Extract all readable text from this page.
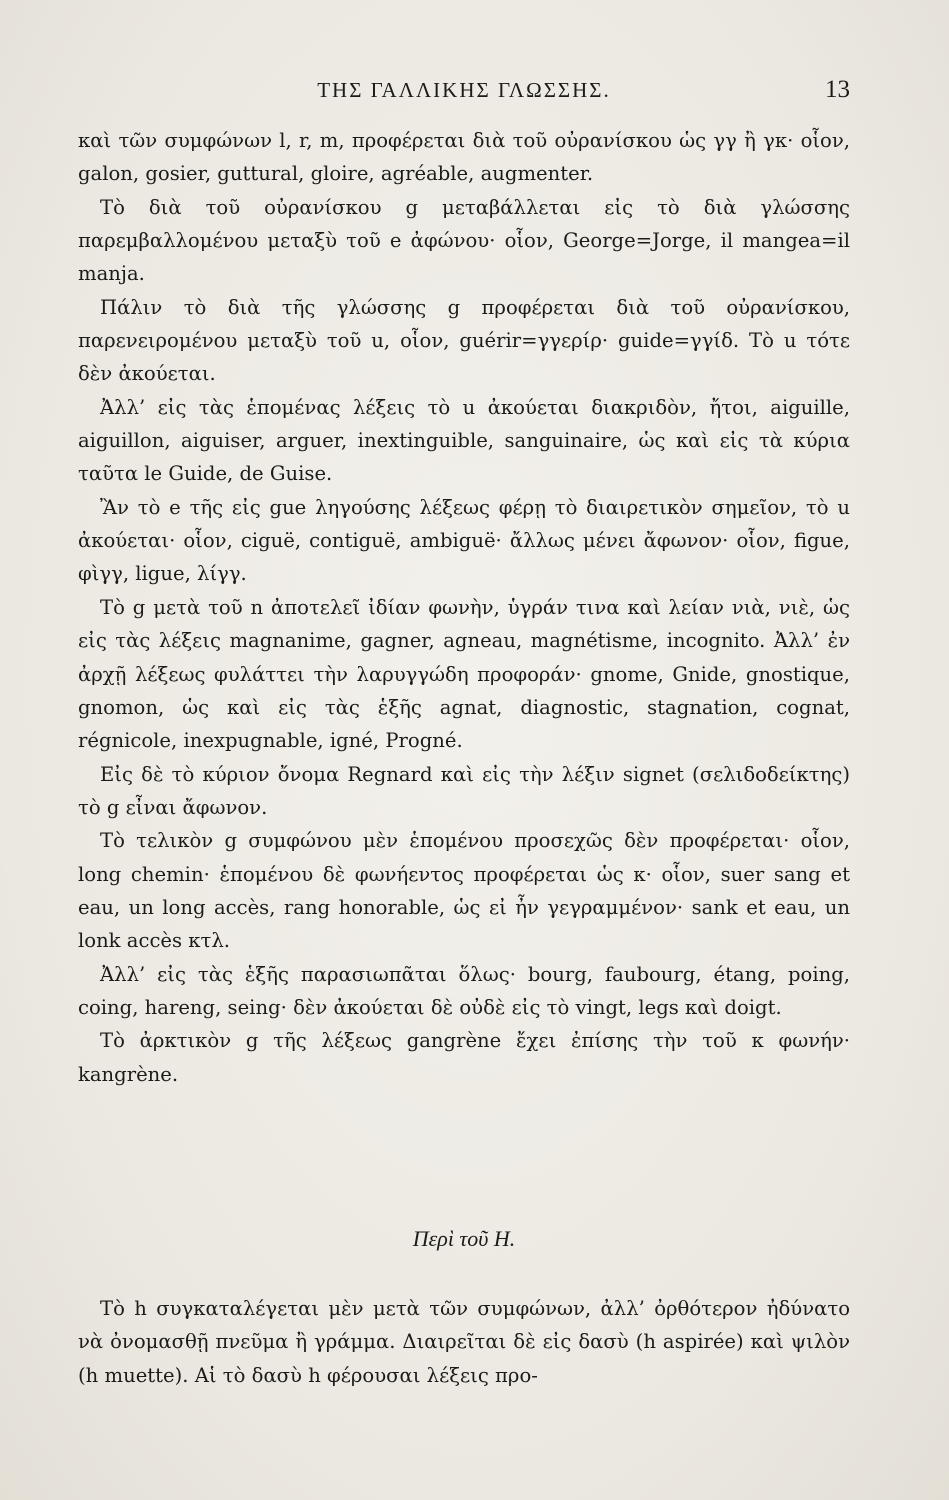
ΤΗΣ ΓΑΛΛΙΚΗΣ ΓΛΩΣΣΗΣ.	13

καὶ τῶν συμφώνων l, r, m, προφέρεται διὰ τοῦ οὐρανίσκου ὡς γγ ἢ γκ· οἷον, galon, gosier, guttural, gloire, agréable, augmenter.

Τὸ διὰ τοῦ οὐρανίσκου g μεταβάλλεται εἰς τὸ διὰ γλώσσης παρεμβαλλομένου μεταξὺ τοῦ e ἀφώνου· οἷον, George=Jorge, il mangea=il manja.

Πάλιν τὸ διὰ τῆς γλώσσης g προφέρεται διὰ τοῦ οὐρανίσκου, παρενειρομένου μεταξὺ τοῦ u, οἷον, guérir=γγερίρ· guide=γγίδ. Τὸ u τότε δὲν ἀκούεται.

Ἀλλ’ εἰς τὰς ἑπομένας λέξεις τὸ u ἀκούεται διακριδὸν, ἤτοι, aiguille, aiguillon, aiguiser, arguer, inextinguible, sanguinaire, ὡς καὶ εἰς τὰ κύρια ταῦτα le Guide, de Guise.

Ἂν τὸ e τῆς εἰς gue ληγούσης λέξεως φέρῃ τὸ διαιρετικὸν σημεῖον, τὸ u ἀκούεται· οἷον, ciguë, contiguë, ambiguë· ἄλλως μένει ἄφωνον· οἷον, figue, φὶγγ, ligue, λίγγ.

Τὸ g μετὰ τοῦ n ἀποτελεῖ ἰδίαν φωνὴν, ὑγράν τινα καὶ λείαν νιὰ, νιὲ, ὡς εἰς τὰς λέξεις magnanime, gagner, agneau, magnétisme, incognito. Ἀλλ’ ἐν ἀρχῇ λέξεως φυλάττει τὴν λαρυγγώδη προφοράν· gnome, Gnide, gnostique, gnomon, ὡς καὶ εἰς τὰς ἑξῆς agnat, diagnostic, stagnation, cognat, régnicole, inexpugnable, igné, Progné.

Εἰς δὲ τὸ κύριον ὄνομα Regnard καὶ εἰς τὴν λέξιν signet (σελιδοδείκτης) τὸ g εἶναι ἄφωνον.

Τὸ τελικὸν g συμφώνου μὲν ἑπομένου προσεχῶς δὲν προφέρεται· οἷον, long chemin· ἑπομένου δὲ φωνήεντος προφέρεται ὡς κ· οἷον, suer sang et eau, un long accès, rang honorable, ὡς εἰ ἦν γεγραμμένον· sank et eau, un lonk accès κτλ.

Ἀλλ’ εἰς τὰς ἑξῆς παρασιωπᾶται ὅλως· bourg, faubourg, étang, poing, coing, hareng, seing· δὲν ἀκούεται δὲ οὐδὲ εἰς τὸ vingt, legs καὶ doigt.

Τὸ ἀρκτικὸν g τῆς λέξεως gangrène ἔχει ἐπίσης τὴν τοῦ κ φωνήν· kangrène.

Περὶ τοῦ H.

Τὸ h συγκαταλέγεται μὲν μετὰ τῶν συμφώνων, ἀλλ’ ὀρθότερον ἠδύνατο νὰ ὀνομασθῇ πνεῦμα ἢ γράμμα. Διαιρεῖται δὲ εἰς δασὺ (h aspirée) καὶ ψιλὸν (h muette). Αἱ τὸ δασὺ h φέρουσαι λέξεις προ-
